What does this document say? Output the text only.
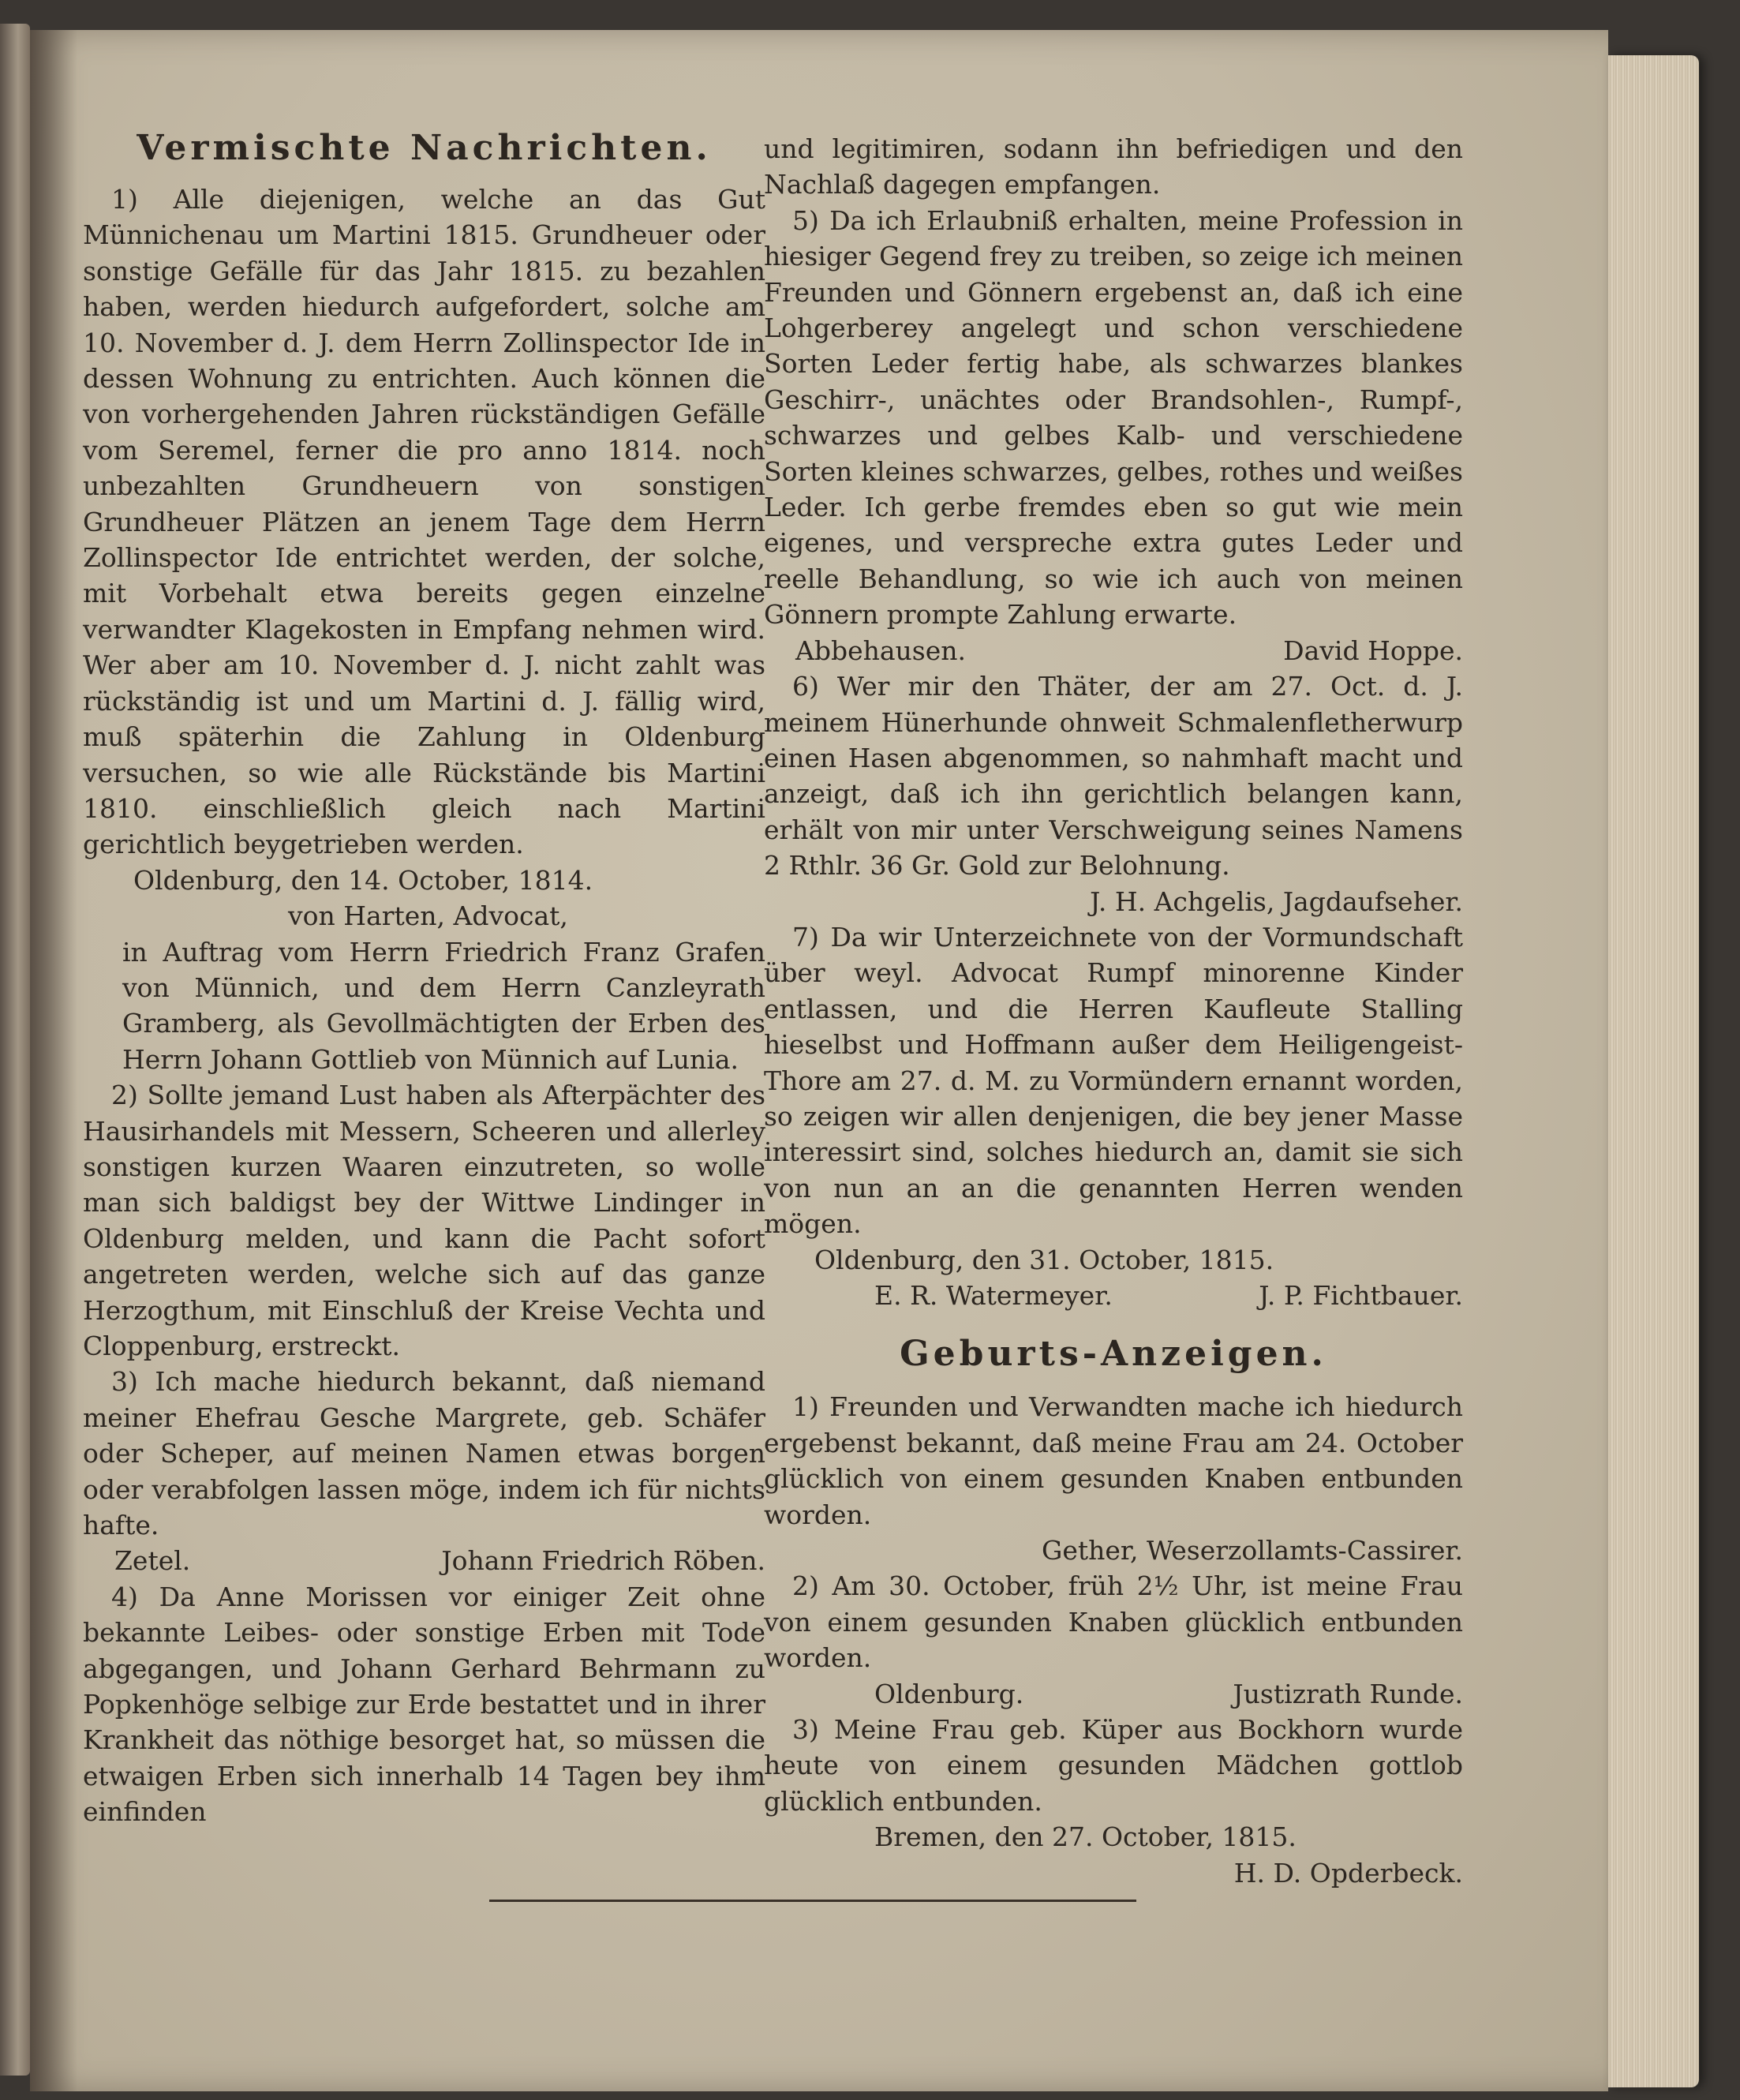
Vermischte Nachrichten.

1) Alle diejenigen, welche an das Gut Münnichenau um Martini 1815. Grundheuer oder sonstige Gefälle für das Jahr 1815. zu bezahlen haben, werden hiedurch aufgefordert, solche am 10. November d. J. dem Herrn Zollinspector Ide in dessen Wohnung zu entrichten. Auch können die von vorhergehenden Jahren rückständigen Gefälle vom Seremel, ferner die pro anno 1814. noch unbezahlten Grundheuern von sonstigen Grundheuer Plätzen an jenem Tage dem Herrn Zollinspector Ide entrichtet werden, der solche, mit Vorbehalt etwa bereits gegen einzelne verwandter Klagekosten in Empfang nehmen wird. Wer aber am 10. November d. J. nicht zahlt was rückständig ist und um Martini d. J. fällig wird, muß späterhin die Zahlung in Oldenburg versuchen, so wie alle Rückstände bis Martini 1810. einschließlich gleich nach Martini gerichtlich beygetrieben werden.

Oldenburg, den 14. October, 1814.

von Harten, Advocat,

in Auftrag vom Herrn Friedrich Franz Grafen von Münnich, und dem Herrn Canzleyrath Gramberg, als Gevollmächtigten der Erben des Herrn Johann Gottlieb von Münnich auf Lunia.

2) Sollte jemand Lust haben als Afterpächter des Hausirhandels mit Messern, Scheeren und allerley sonstigen kurzen Waaren einzutreten, so wolle man sich baldigst bey der Wittwe Lindinger in Oldenburg melden, und kann die Pacht sofort angetreten werden, welche sich auf das ganze Herzogthum, mit Einschluß der Kreise Vechta und Cloppenburg, erstreckt.

3) Ich mache hiedurch bekannt, daß niemand meiner Ehefrau Gesche Margrete, geb. Schäfer oder Scheper, auf meinen Namen etwas borgen oder verabfolgen lassen möge, indem ich für nichts hafte.

Zetel.	Johann Friedrich Röben.

4) Da Anne Morissen vor einiger Zeit ohne bekannte Leibes- oder sonstige Erben mit Tode abgegangen, und Johann Gerhard Behrmann zu Popkenhöge selbige zur Erde bestattet und in ihrer Krankheit das nöthige besorget hat, so müssen die etwaigen Erben sich innerhalb 14 Tagen bey ihm einfinden

und legitimiren, sodann ihn befriedigen und den Nachlaß dagegen empfangen.

5) Da ich Erlaubniß erhalten, meine Profession in hiesiger Gegend frey zu treiben, so zeige ich meinen Freunden und Gönnern ergebenst an, daß ich eine Lohgerberey angelegt und schon verschiedene Sorten Leder fertig habe, als schwarzes blankes Geschirr-, unächtes oder Brandsohlen-, Rumpf-, schwarzes und gelbes Kalb- und verschiedene Sorten kleines schwarzes, gelbes, rothes und weißes Leder. Ich gerbe fremdes eben so gut wie mein eigenes, und verspreche extra gutes Leder und reelle Behandlung, so wie ich auch von meinen Gönnern prompte Zahlung erwarte.

Abbehausen.	David Hoppe.

6) Wer mir den Thäter, der am 27. Oct. d. J. meinem Hünerhunde ohnweit Schmalenfletherwurp einen Hasen abgenommen, so nahmhaft macht und anzeigt, daß ich ihn gerichtlich belangen kann, erhält von mir unter Verschweigung seines Namens 2 Rthlr. 36 Gr. Gold zur Belohnung.

J. H. Achgelis, Jagdaufseher.

7) Da wir Unterzeichnete von der Vormundschaft über weyl. Advocat Rumpf minorenne Kinder entlassen, und die Herren Kaufleute Stalling hieselbst und Hoffmann außer dem Heiligengeist-Thore am 27. d. M. zu Vormündern ernannt worden, so zeigen wir allen denjenigen, die bey jener Masse interessirt sind, solches hiedurch an, damit sie sich von nun an an die genannten Herren wenden mögen.

Oldenburg, den 31. October, 1815.

E. R. Watermeyer.	J. P. Fichtbauer.

Geburts-Anzeigen.

1) Freunden und Verwandten mache ich hiedurch ergebenst bekannt, daß meine Frau am 24. October glücklich von einem gesunden Knaben entbunden worden.

Gether, Weserzollamts-Cassirer.

2) Am 30. October, früh 2½ Uhr, ist meine Frau von einem gesunden Knaben glücklich entbunden worden.

Oldenburg.	Justizrath Runde.

3) Meine Frau geb. Küper aus Bockhorn wurde heute von einem gesunden Mädchen gottlob glücklich entbunden.

Bremen, den 27. October, 1815.

H. D. Opderbeck.
